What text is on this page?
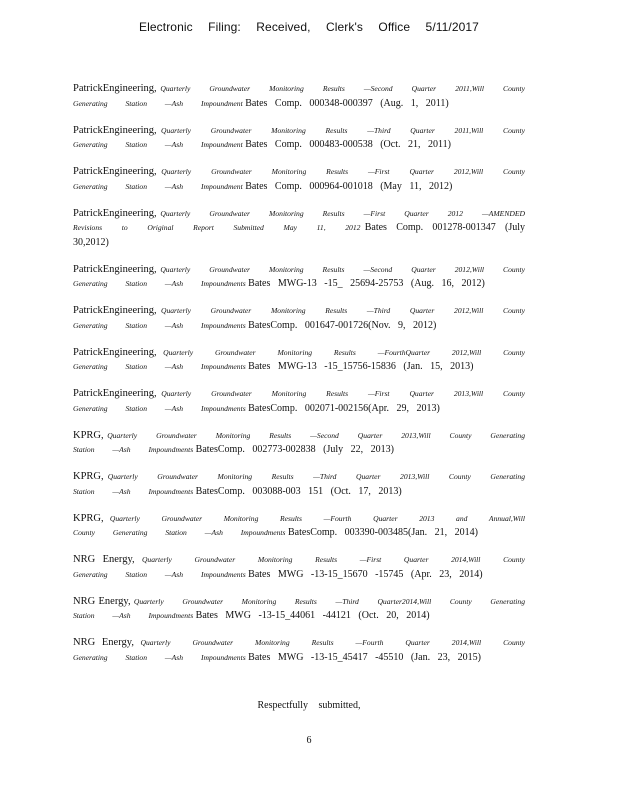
Electronic Filing: Received, Clerk's Office 5/11/2017

PatrickEngineering, Quarterly Groundwater Monitoring Results —Second Quarter 2011,Will County Generating Station —Ash Impoundment Bates Comp. 000348-000397 (Aug. 1, 2011)

PatrickEngineering, Quarterly Groundwater Monitoring Results —Third Quarter 2011,Will County Generating Station —Ash Impoundment Bates Comp. 000483-000538 (Oct. 21, 2011)

PatrickEngineering, Quarterly Groundwater Monitoring Results —First Quarter 2012,Will County Generating Station —Ash Impoundment Bates Comp. 000964-001018 (May 11, 2012)

PatrickEngineering, Quarterly Groundwater Monitoring Results —First Quarter 2012 —AMENDED Revisions to Original Report Submitted May 11, 2012 Bates Comp. 001278-001347 (July 30,2012)

PatrickEngineering, Quarterly Groundwater Monitoring Results —Second Quarter 2012,Will County Generating Station —Ash Impoundments Bates MWG-13 -15_ 25694-25753 (Aug. 16, 2012)

PatrickEngineering, Quarterly Groundwater Monitoring Results —Third Quarter 2012,Will County Generating Station —Ash Impoundments BatesComp. 001647-001726(Nov. 9, 2012)

PatrickEngineering, Quarterly Groundwater Monitoring Results —FourthQuarter 2012,Will County Generating Station —Ash Impoundments Bates MWG-13 -15_15756-15836 (Jan. 15, 2013)

PatrickEngineering, Quarterly Groundwater Monitoring Results —First Quarter 2013,Will County Generating Station —Ash Impoundments BatesComp. 002071-002156(Apr. 29, 2013)

KPRG, Quarterly Groundwater Monitoring Results —Second Quarter 2013,Will County Generating Station —Ash Impoundments BatesComp. 002773-002838 (July 22, 2013)

KPRG, Quarterly Groundwater Monitoring Results —Third Quarter 2013,Will County Generating Station —Ash Impoundments BatesComp. 003088-003 151 (Oct. 17, 2013)

KPRG, Quarterly Groundwater Monitoring Results —Fourth Quarter 2013 and Annual,Will County Generating Station —Ash Impoundments BatesComp. 003390-003485(Jan. 21, 2014)

NRG Energy, Quarterly Groundwater Monitoring Results —First Quarter 2014,Will County Generating Station —Ash Impoundments Bates MWG -13-15_15670 -15745 (Apr. 23, 2014)

NRG Energy, Quarterly Groundwater Monitoring Results —Third Quarter2014,Will County Generating Station —Ash Impoundments Bates MWG -13-15_44061 -44121 (Oct. 20, 2014)

NRG Energy, Quarterly Groundwater Monitoring Results —Fourth Quarter 2014,Will County Generating Station —Ash Impoundments Bates MWG -13-15_45417 -45510 (Jan. 23, 2015)

Respectfully submitted,
6
